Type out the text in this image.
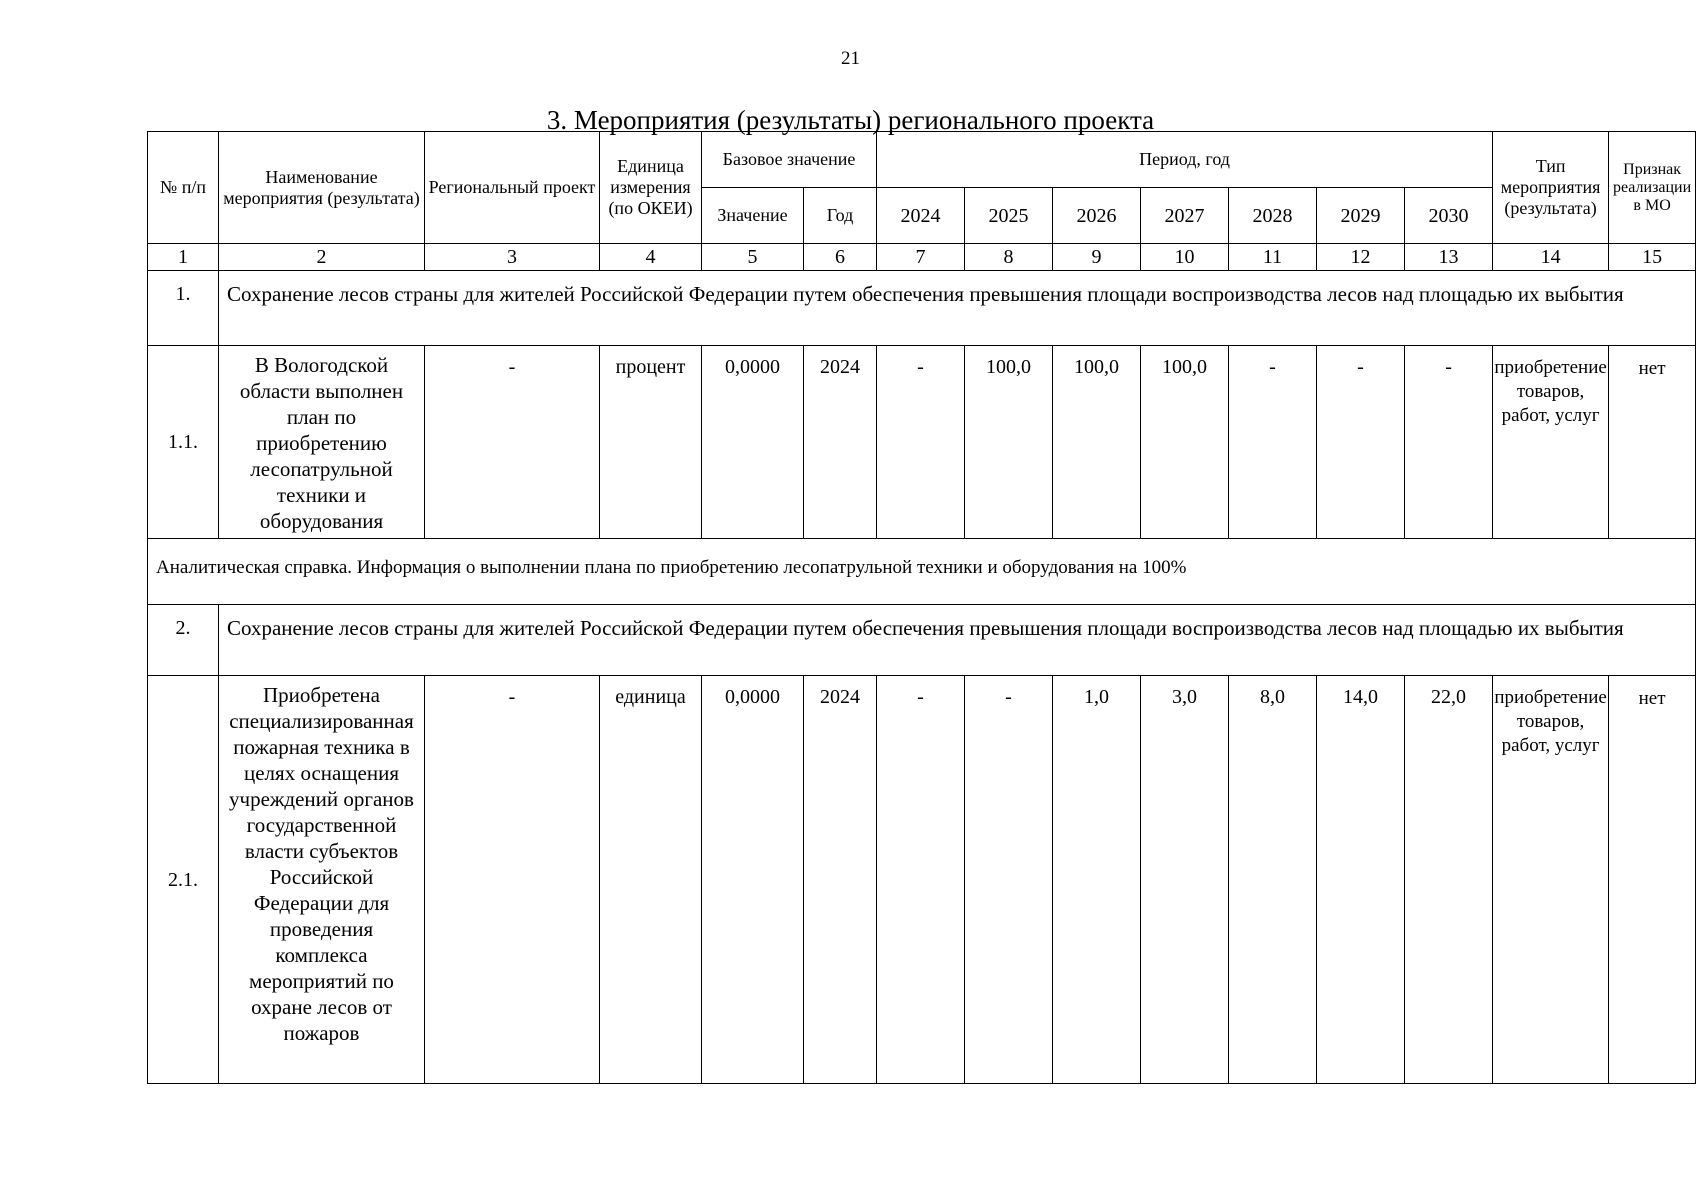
21
3. Мероприятия (результаты) регионального проекта
№ п/п	Наименование мероприятия (результата)	Региональный проект	Единица измерения (по ОКЕИ)	Базовое значение		Период, год							Тип мероприятия (результата)	Признак реализации в МО
				Значение	Год	2024	2025	2026	2027	2028	2029	2030		
1	2	3	4	5	6	7	8	9	10	11	12	13	14	15
1.	Сохранение лесов страны для жителей Российской Федерации путем обеспечения превышения площади воспроизводства лесов над площадью их выбытия													
1.1.	В Вологодской области выполнен план по приобретению лесопатрульной техники и оборудования	-	процент	0,0000	2024	-	100,0	100,0	100,0	-	-	-	приобретение товаров, работ, услуг	нет
Аналитическая справка. Информация о выполнении плана по приобретению лесопатрульной техники и оборудования на 100%														
2.	Сохранение лесов страны для жителей Российской Федерации путем обеспечения превышения площади воспроизводства лесов над площадью их выбытия													
2.1.	Приобретена специализированная пожарная техника в целях оснащения учреждений органов государственной власти субъектов Российской Федерации для проведения комплекса мероприятий по охране лесов от пожаров	-	единица	0,0000	2024	-	-	1,0	3,0	8,0	14,0	22,0	приобретение товаров, работ, услуг	нет
